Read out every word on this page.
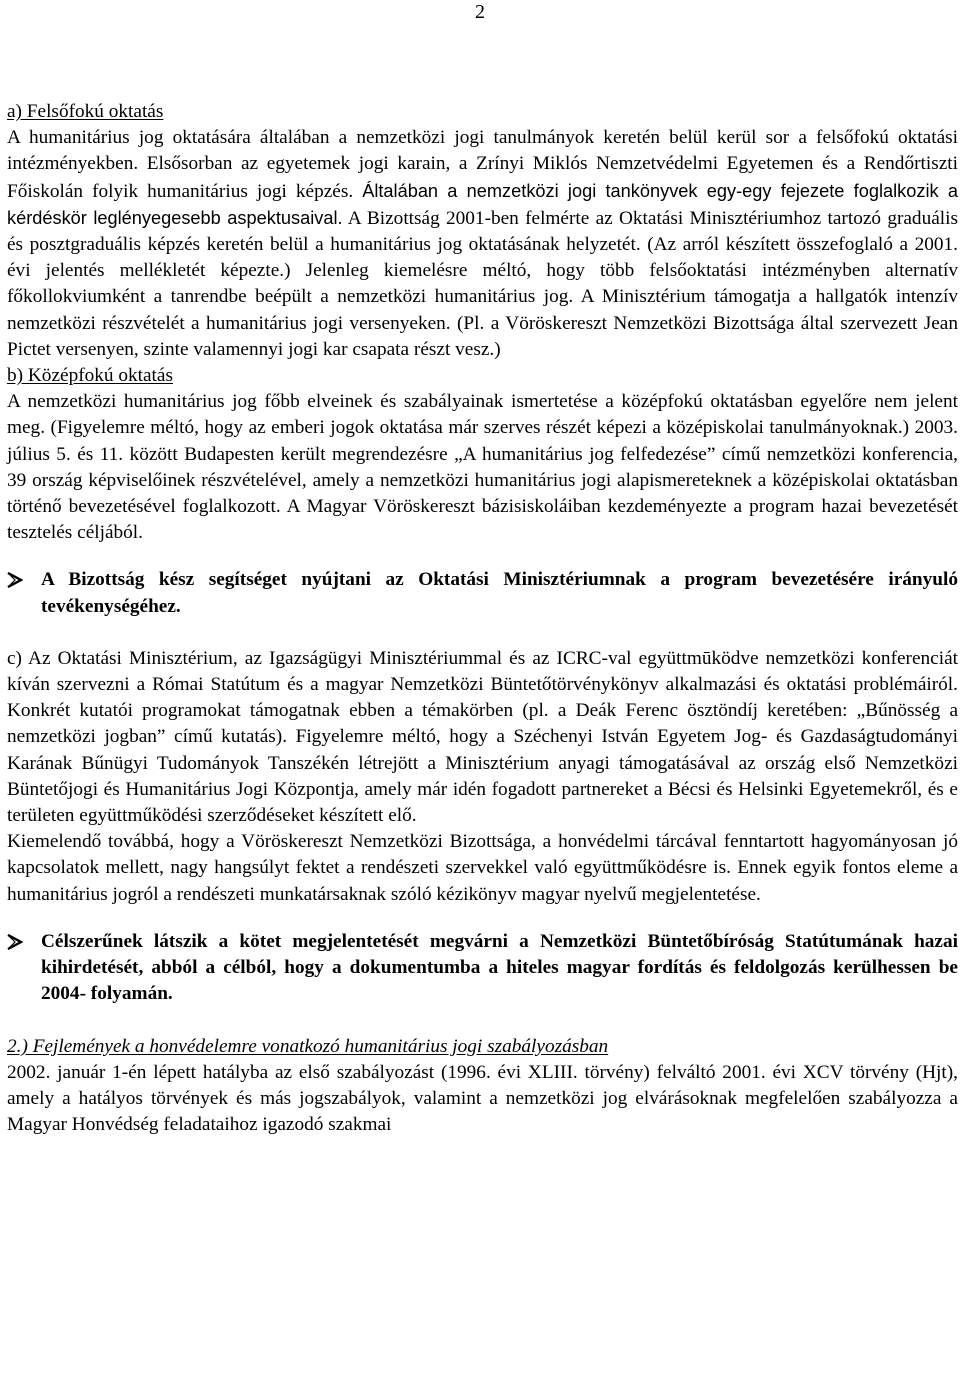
2

a) Felsőfokú oktatás

A humanitárius jog oktatására általában a nemzetközi jogi tanulmányok keretén belül kerül sor a felsőfokú oktatási intézményekben. Elsősorban az egyetemek jogi karain, a Zrínyi Miklós Nemzetvédelmi Egyetemen és a Rendőrtiszti Főiskolán folyik humanitárius jogi képzés. Általában a nemzetközi jogi tankönyvek egy-egy fejezete foglalkozik a kérdéskör leglényegesebb aspektusaival. A Bizottság 2001-ben felmérte az Oktatási Minisztériumhoz tartozó graduális és posztgraduális képzés keretén belül a humanitárius jog oktatásának helyzetét. (Az arról készített összefoglaló a 2001. évi jelentés mellékletét képezte.) Jelenleg kiemelésre méltó, hogy több felsőoktatási intézményben alternatív főkollokviumként a tanrendbe beépült a nemzetközi humanitárius jog. A Minisztérium támogatja a hallgatók intenzív nemzetközi részvételét a humanitárius jogi versenyeken. (Pl. a Vöröskereszt Nemzetközi Bizottsága által szervezett Jean Pictet versenyen, szinte valamennyi jogi kar csapata részt vesz.)

b) Középfokú oktatás

A nemzetközi humanitárius jog főbb elveinek és szabályainak ismertetése a középfokú oktatásban egyelőre nem jelent meg. (Figyelemre méltó, hogy az emberi jogok oktatása már szerves részét képezi a középiskolai tanulmányoknak.) 2003. július 5. és 11. között Budapesten került megrendezésre „A humanitárius jog felfedezése” című nemzetközi konferencia, 39 ország képviselőinek részvételével, amely a nemzetközi humanitárius jogi alapismereteknek a középiskolai oktatásban történő bevezetésével foglalkozott. A Magyar Vöröskereszt bázisiskoláiban kezdeményezte a program hazai bevezetését tesztelés céljából.

A Bizottság kész segítséget nyújtani az Oktatási Minisztériumnak a program bevezetésére irányuló tevékenységéhez.

c) Az Oktatási Minisztérium, az Igazságügyi Minisztériummal és az ICRC-val együttmūködve nemzetközi konferenciát kíván szervezni a Római Statútum és a magyar Nemzetközi Büntetőtörvénykönyv alkalmazási és oktatási problémáiról. Konkrét kutatói programokat támogatnak ebben a témakörben (pl. a Deák Ferenc ösztöndíj keretében: „Bűnösség a nemzetközi jogban” című kutatás). Figyelemre méltó, hogy a Széchenyi István Egyetem Jog- és Gazdaságtudományi Karának Bűnügyi Tudományok Tanszékén létrejött a Minisztérium anyagi támogatásával az ország első Nemzetközi Büntetőjogi és Humanitárius Jogi Központja, amely már idén fogadott partnereket a Bécsi és Helsinki Egyetemekről, és e területen együttműködési szerződéseket készített elő.

Kiemelendő továbbá, hogy a Vöröskereszt Nemzetközi Bizottsága, a honvédelmi tárcával fenntartott hagyományosan jó kapcsolatok mellett, nagy hangsúlyt fektet a rendészeti szervekkel való együttműködésre is. Ennek egyik fontos eleme a humanitárius jogról a rendészeti munkatársaknak szóló kézikönyv magyar nyelvű megjelentetése.

Célszerűnek látszik a kötet megjelentetését megvárni a Nemzetközi Büntetőbíróság Statútumának hazai kihirdetését, abból a célból, hogy a dokumentumba a hiteles magyar fordítás és feldolgozás kerülhessen be 2004- folyamán.

2.) Fejlemények a honvédelemre vonatkozó humanitárius jogi szabályozásban

2002. január 1-én lépett hatályba az első szabályozást (1996. évi XLIII. törvény) felváltó 2001. évi XCV törvény (Hjt), amely a hatályos törvények és más jogszabályok, valamint a nemzetközi jog elvárásoknak megfelelően szabályozza a Magyar Honvédség feladataihoz igazodó szakmai
